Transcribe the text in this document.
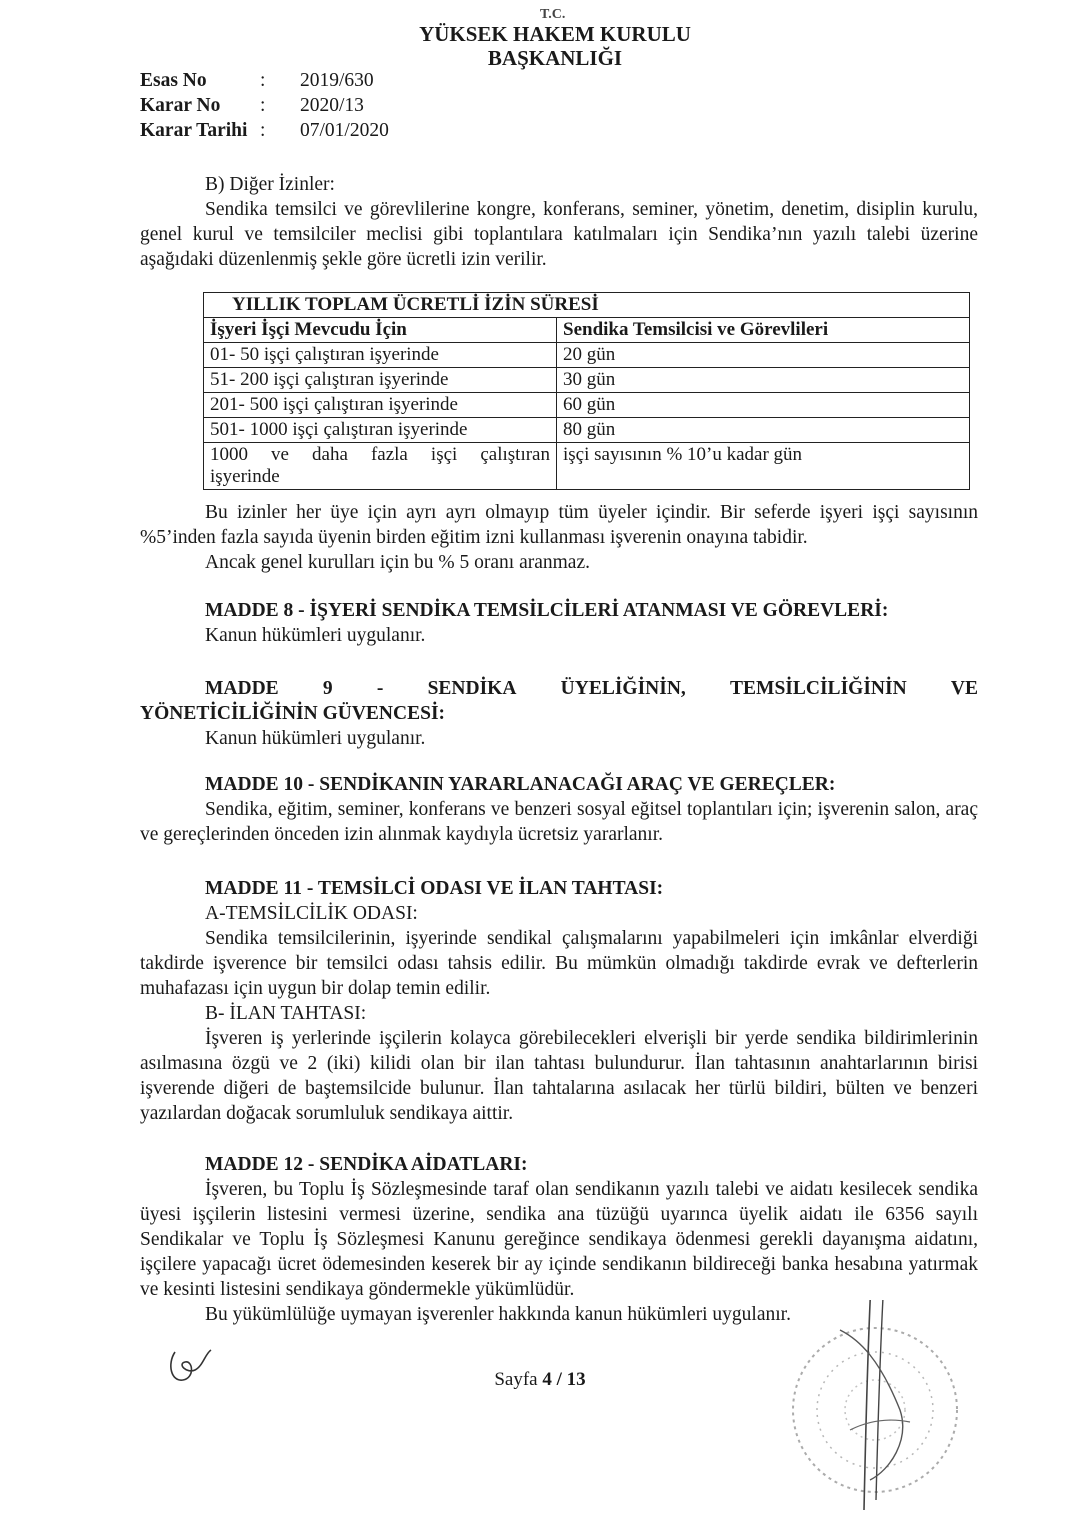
T.C.
YÜKSEK HAKEM KURULU
BAŞKANLIĞI
Esas No	:	2019/630
Karar No	:	2020/13
Karar Tarihi :	07/01/2020
B) Diğer İzinler:
Sendika temsilci ve görevlilerine kongre, konferans, seminer, yönetim, denetim, disiplin kurulu, genel kurul ve temsilciler meclisi gibi toplantılara katılmaları için Sendika’nın yazılı talebi üzerine aşağıdaki düzenlenmiş şekle göre ücretli izin verilir.
YILLIK TOPLAM ÜCRETLİ İZİN SÜRESİ	
İşyeri İşçi Mevcudu İçin	Sendika Temsilcisi ve Görevlileri
01- 50 işçi çalıştıran işyerinde	20 gün
51- 200 işçi çalıştıran işyerinde	30 gün
201- 500 işçi çalıştıran işyerinde	60 gün
501- 1000 işçi çalıştıran işyerinde	80 gün

1000 ve daha fazla işçi çalıştıran
işyerinde	işçi sayısının % 10’u kadar gün
Bu izinler her üye için ayrı ayrı olmayıp tüm üyeler içindir. Bir seferde işyeri işçi sayısının %5’inden fazla sayıda üyenin birden eğitim izni kullanması işverenin onayına tabidir.
Ancak genel kurulları için bu % 5 oranı aranmaz.
MADDE 8 - İŞYERİ SENDİKA TEMSİLCİLERİ ATANMASI VE GÖREVLERİ:
Kanun hükümleri uygulanır.
MADDE 9 - SENDİKA ÜYELİĞİNİN, TEMSİLCİLİĞİNİN VE
YÖNETİCİLİĞİNİN GÜVENCESİ:
Kanun hükümleri uygulanır.
MADDE 10 - SENDİKANIN YARARLANACAĞI ARAÇ VE GEREÇLER:
Sendika, eğitim, seminer, konferans ve benzeri sosyal eğitsel toplantıları için; işverenin salon, araç ve gereçlerinden önceden izin alınmak kaydıyla ücretsiz yararlanır.
MADDE 11 - TEMSİLCİ ODASI VE İLAN TAHTASI:
A-TEMSİLCİLİK ODASI:
Sendika temsilcilerinin, işyerinde sendikal çalışmalarını yapabilmeleri için imkânlar elverdiği takdirde işverence bir temsilci odası tahsis edilir. Bu mümkün olmadığı takdirde evrak ve defterlerin muhafazası için uygun bir dolap temin edilir.
B- İLAN TAHTASI:
İşveren iş yerlerinde işçilerin kolayca görebilecekleri elverişli bir yerde sendika bildirimlerinin asılmasına özgü ve 2 (iki) kilidi olan bir ilan tahtası bulundurur. İlan tahtasının anahtarlarının birisi işverende diğeri de baştemsilcide bulunur. İlan tahtalarına asılacak her türlü bildiri, bülten ve benzeri yazılardan doğacak sorumluluk sendikaya aittir.
MADDE 12 - SENDİKA AİDATLARI:
İşveren, bu Toplu İş Sözleşmesinde taraf olan sendikanın yazılı talebi ve aidatı kesilecek sendika üyesi işçilerin listesini vermesi üzerine, sendika ana tüzüğü uyarınca üyelik aidatı ile 6356 sayılı Sendikalar ve Toplu İş Sözleşmesi Kanunu gereğince sendikaya ödenmesi gerekli dayanışma aidatını, işçilere yapacağı ücret ödemesinden keserek bir ay içinde sendikanın bildireceği banka hesabına yatırmak ve kesinti listesini sendikaya göndermekle yükümlüdür.
Bu yükümlülüğe uymayan işverenler hakkında kanun hükümleri uygulanır.
Sayfa 4 / 13
